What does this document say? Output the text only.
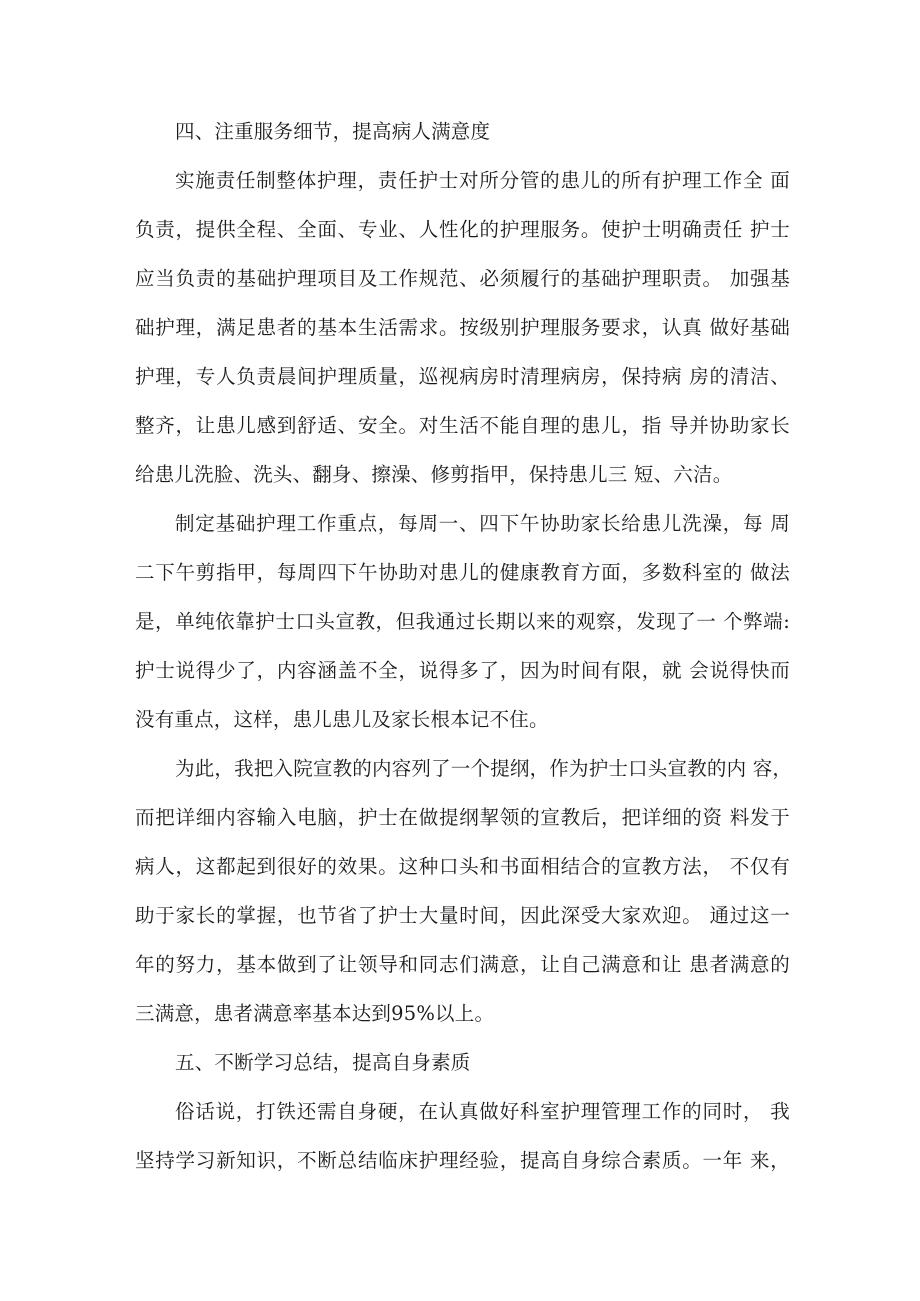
四、注重服务细节，提高病人满意度
实施责任制整体护理，责任护士对所分管的患儿的所有护理工作全 面
负责，提供全程、全面、专业、人性化的护理服务。使护士明确责任 护士
应当负责的基础护理项目及工作规范、必须履行的基础护理职责。 加强基
础护理，满足患者的基本生活需求。按级别护理服务要求，认真 做好基础
护理，专人负责晨间护理质量，巡视病房时清理病房，保持病 房的清洁、
整齐，让患儿感到舒适、安全。对生活不能自理的患儿，指 导并协助家长
给患儿洗脸、洗头、翻身、擦澡、修剪指甲，保持患儿三 短、六洁。
制定基础护理工作重点，每周一、四下午协助家长给患儿洗澡，每 周
二下午剪指甲，每周四下午协助对患儿的健康教育方面，多数科室的 做法
是，单纯依靠护士口头宣教，但我通过长期以来的观察，发现了一 个弊端:
护士说得少了，内容涵盖不全，说得多了，因为时间有限，就 会说得快而
没有重点，这样，患儿患儿及家长根本记不住。
为此，我把入院宣教的内容列了一个提纲，作为护士口头宣教的内 容，
而把详细内容输入电脑，护士在做提纲挈领的宣教后，把详细的资 料发于
病人，这都起到很好的效果。这种口头和书面相结合的宣教方法， 不仅有
助于家长的掌握，也节省了护士大量时间，因此深受大家欢迎。 通过这一
年的努力，基本做到了让领导和同志们满意，让自己满意和让 患者满意的
三满意，患者满意率基本达到95%以上。
五、不断学习总结，提高自身素质
俗话说，打铁还需自身硬，在认真做好科室护理管理工作的同时， 我
坚持学习新知识，不断总结临床护理经验，提高自身综合素质。一年 来，
